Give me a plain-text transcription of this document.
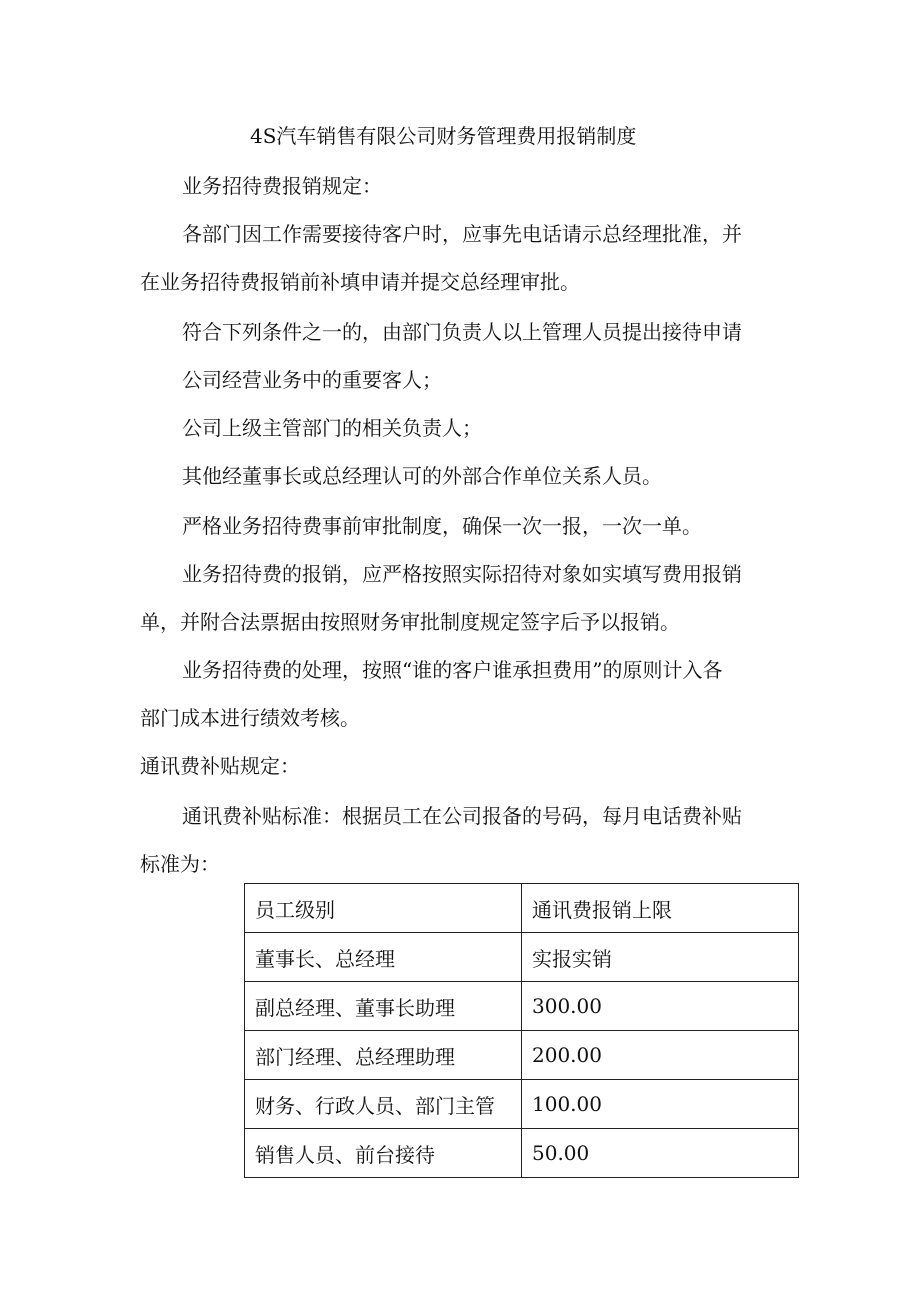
4S汽车销售有限公司财务管理费用报销制度
业务招待费报销规定：
各部门因工作需要接待客户时，应事先电话请示总经理批准，并
在业务招待费报销前补填申请并提交总经理审批。
符合下列条件之一的，由部门负责人以上管理人员提出接待申请
公司经营业务中的重要客人；
公司上级主管部门的相关负责人；
其他经董事长或总经理认可的外部合作单位关系人员。
严格业务招待费事前审批制度，确保一次一报，一次一单。
业务招待费的报销，应严格按照实际招待对象如实填写费用报销
单，并附合法票据由按照财务审批制度规定签字后予以报销。
业务招待费的处理，按照“谁的客户谁承担费用”的原则计入各
部门成本进行绩效考核。
通讯费补贴规定：
通讯费补贴标准：根据员工在公司报备的号码，每月电话费补贴
标准为：
员工级别	通讯费报销上限
董事长、总经理	实报实销
副总经理、董事长助理	300.00
部门经理、总经理助理	200.00
财务、行政人员、部门主管	100.00
销售人员、前台接待	50.00
